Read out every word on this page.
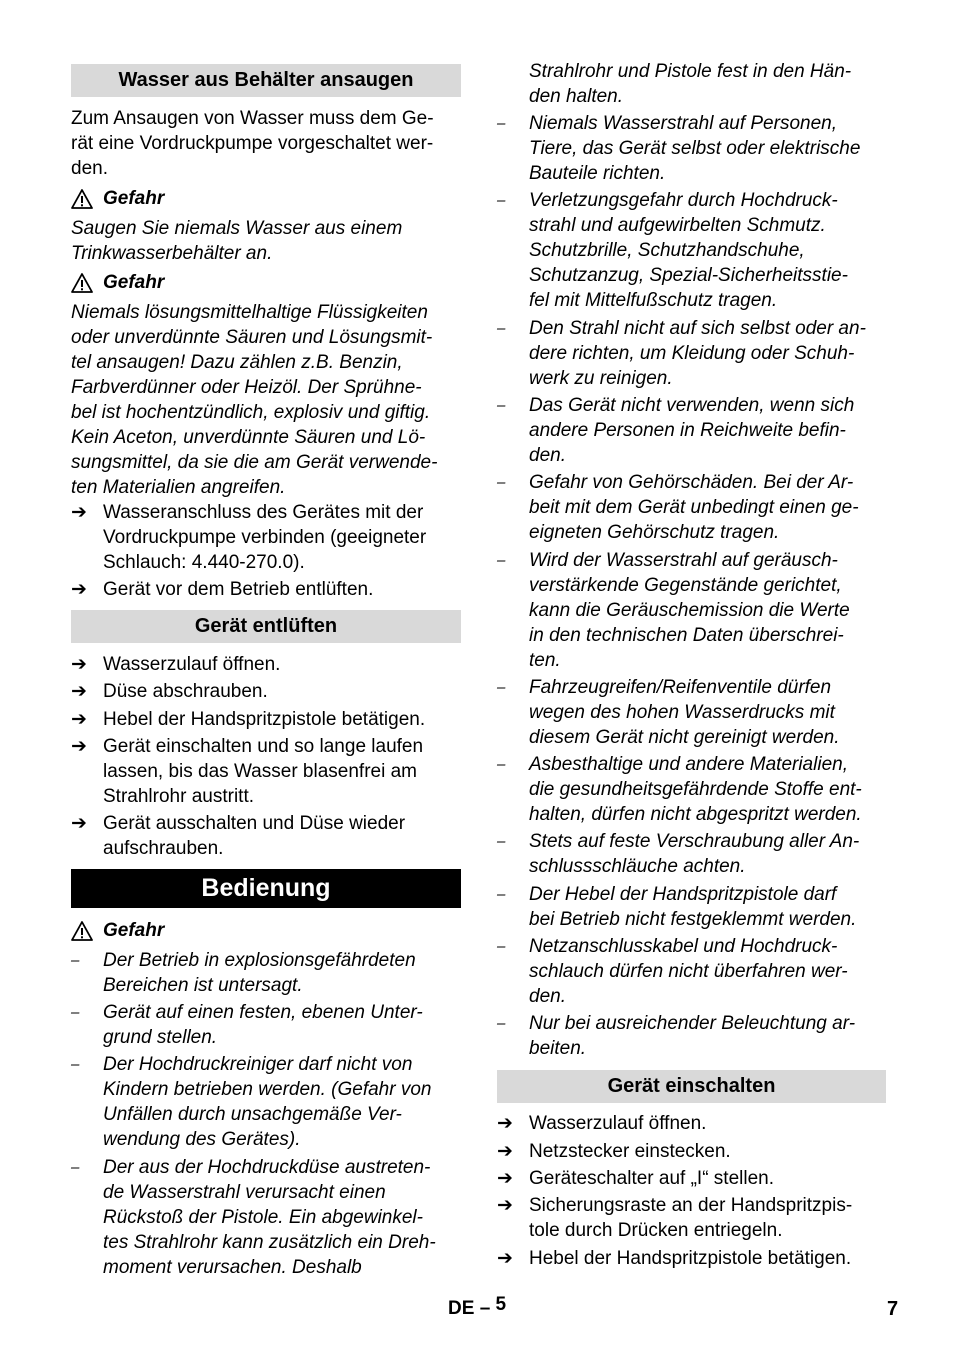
Wasser aus Behälter ansaugen
Zum Ansaugen von Wasser muss dem Ge-
rät eine Vordruckpumpe vorgeschaltet wer-
den.
Gefahr
Saugen Sie niemals Wasser aus einem
Trinkwasserbehälter an.
Gefahr
Niemals lösungsmittelhaltige Flüssigkeiten
oder unverdünnte Säuren und Lösungsmit-
tel ansaugen! Dazu zählen z.B. Benzin,
Farbverdünner oder Heizöl. Der Sprühne-
bel ist hochentzündlich, explosiv und giftig.
Kein Aceton, unverdünnte Säuren und Lö-
sungsmittel, da sie die am Gerät verwende-
ten Materialien angreifen.
➔ Wasseranschluss des Gerätes mit der
Vordruckpumpe verbinden (geeigneter
Schlauch: 4.440-270.0).
➔ Gerät vor dem Betrieb entlüften.
Gerät entlüften
➔ Wasserzulauf öffnen.
➔ Düse abschrauben.
➔ Hebel der Handspritzpistole betätigen.
➔ Gerät einschalten und so lange laufen
lassen, bis das Wasser blasenfrei am
Strahlrohr austritt.
➔ Gerät ausschalten und Düse wieder
aufschrauben.
Bedienung
Gefahr
–	Der Betrieb in explosionsgefährdeten
Bereichen ist untersagt.
–	Gerät auf einen festen, ebenen Unter-
grund stellen.
–	Der Hochdruckreiniger darf nicht von
Kindern betrieben werden. (Gefahr von
Unfällen durch unsachgemäße Ver-
wendung des Gerätes).
–	Der aus der Hochdruckdüse austreten-
de Wasserstrahl verursacht einen
Rückstoß der Pistole. Ein abgewinkel-
tes Strahlrohr kann zusätzlich ein Dreh-
moment verursachen. Deshalb
Strahlrohr und Pistole fest in den Hän-
den halten.
–	Niemals Wasserstrahl auf Personen,
Tiere, das Gerät selbst oder elektrische
Bauteile richten.
–	Verletzungsgefahr durch Hochdruck-
strahl und aufgewirbelten Schmutz.
Schutzbrille, Schutzhandschuhe,
Schutzanzug, Spezial-Sicherheitsstie-
fel mit Mittelfußschutz tragen.
–	Den Strahl nicht auf sich selbst oder an-
dere richten, um Kleidung oder Schuh-
werk zu reinigen.
–	Das Gerät nicht verwenden, wenn sich
andere Personen in Reichweite befin-
den.
–	Gefahr von Gehörschäden. Bei der Ar-
beit mit dem Gerät unbedingt einen ge-
eigneten Gehörschutz tragen.
–	Wird der Wasserstrahl auf geräusch-
verstärkende Gegenstände gerichtet,
kann die Geräuschemission die Werte
in den technischen Daten überschrei-
ten.
–	Fahrzeugreifen/Reifenventile dürfen
wegen des hohen Wasserdrucks mit
diesem Gerät nicht gereinigt werden.
–	Asbesthaltige und andere Materialien,
die gesundheitsgefährdende Stoffe ent-
halten, dürfen nicht abgespritzt werden.
–	Stets auf feste Verschraubung aller An-
schlussschläuche achten.
–	Der Hebel der Handspritzpistole darf
bei Betrieb nicht festgeklemmt werden.
–	Netzanschlusskabel und Hochdruck-
schlauch dürfen nicht überfahren wer-
den.
–	Nur bei ausreichender Beleuchtung ar-
beiten.
Gerät einschalten
➔ Wasserzulauf öffnen.
➔ Netzstecker einstecken.
➔ Geräteschalter auf „I“ stellen.
➔ Sicherungsraste an der Handspritzpis-
tole durch Drücken entriegeln.
➔ Hebel der Handspritzpistole betätigen.
DE – 5	7
